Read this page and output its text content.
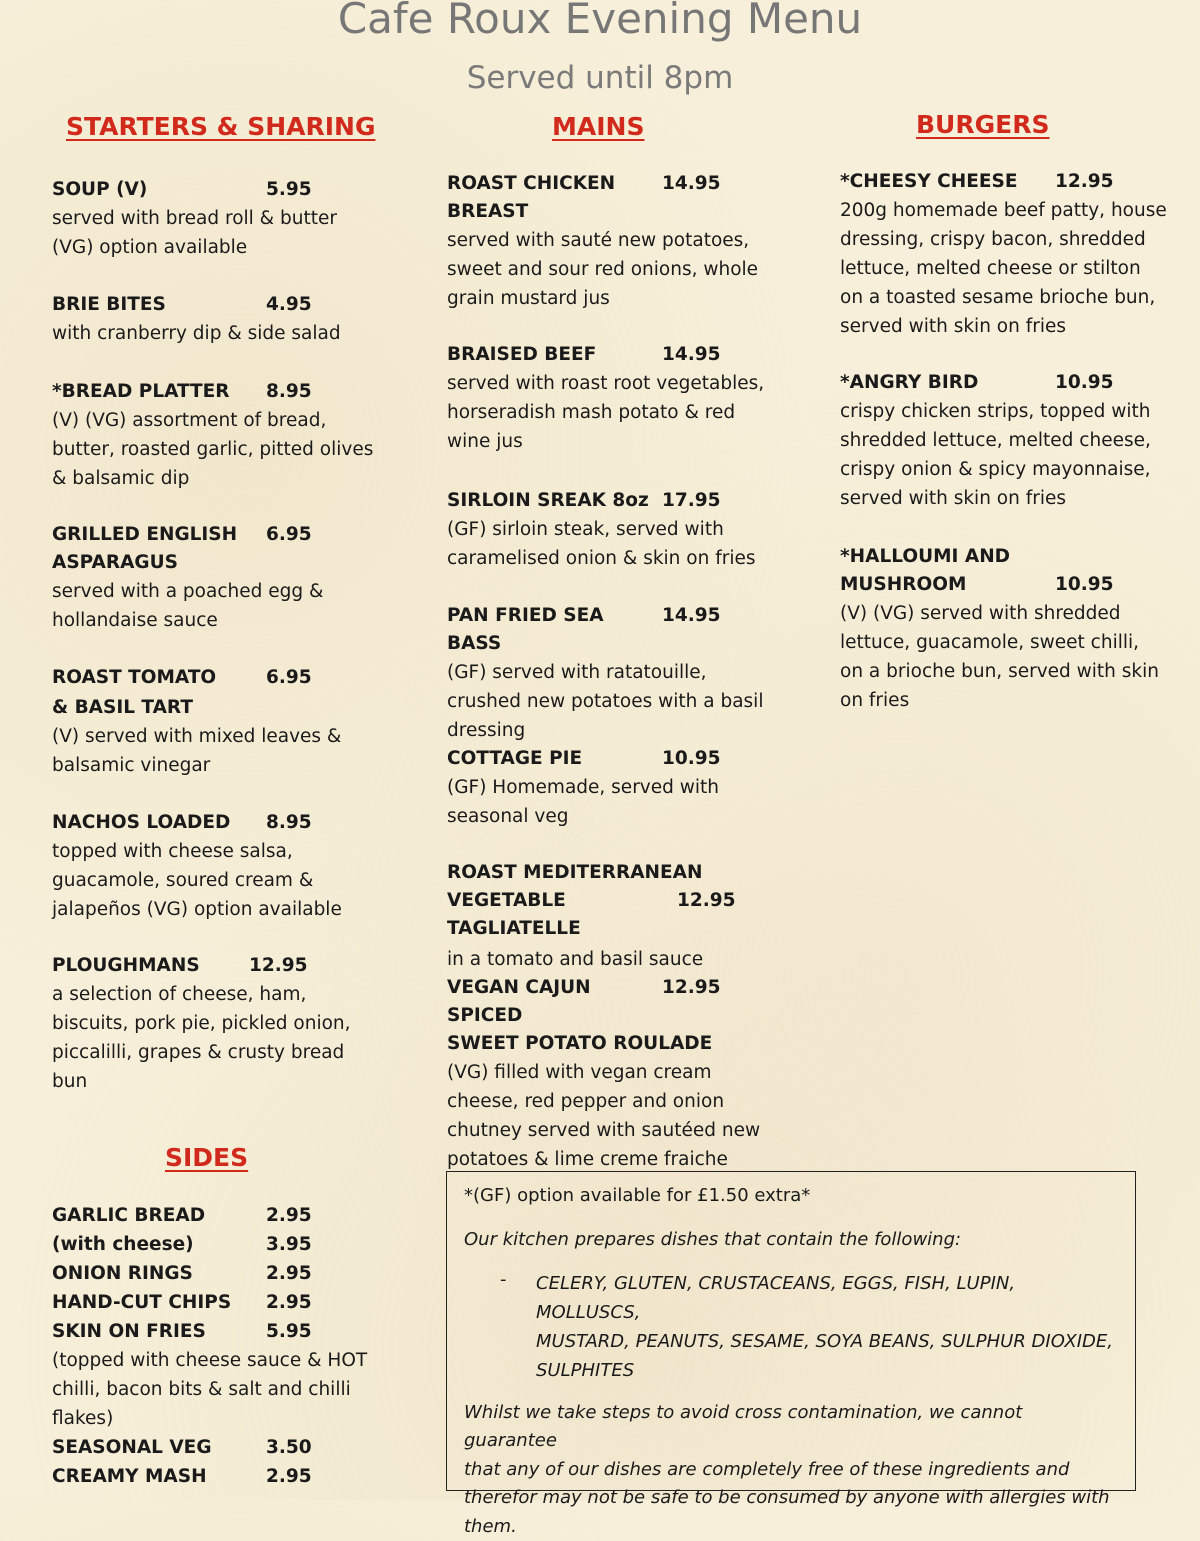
Cafe Roux Evening Menu
Served until 8pm
STARTERS & SHARING	MAINS	BURGERS
SIDES
SOUP (V)	5.95

served with bread roll & butter

(VG) option available

BRIE BITES	4.95

with cranberry dip & side salad

*BREAD PLATTER	8.95

(V) (VG) assortment of bread,

butter, roasted garlic, pitted olives

& balsamic dip

GRILLED ENGLISH	6.95
ASPARAGUS

served with a poached egg &

hollandaise sauce

ROAST TOMATO	6.95
& BASIL TART

(V) served with mixed leaves &

balsamic vinegar

NACHOS LOADED	8.95

topped with cheese salsa,

guacamole, soured cream &

jalapeños (VG) option available

PLOUGHMANS	12.95

a selection of cheese, ham,

biscuits, pork pie, pickled onion,

piccalilli, grapes & crusty bread

bun

GARLIC BREAD	2.95
(with cheese)	3.95
ONION RINGS	2.95
HAND-CUT CHIPS	2.95
SKIN ON FRIES	5.95
(topped with cheese sauce & HOT
chilli, bacon bits & salt and chilli
flakes)
SEASONAL VEG	3.50
CREAMY MASH	2.95
ROAST CHICKEN	14.95
BREAST

served with sauté new potatoes,

sweet and sour red onions, whole

grain mustard jus

BRAISED BEEF	14.95

served with roast root vegetables,

horseradish mash potato & red

wine jus

SIRLOIN SREAK 8oz 17.95

(GF) sirloin steak, served with

caramelised onion & skin on fries

PAN FRIED SEA BASS
14.95

(GF) served with ratatouille,

crushed new potatoes with a basil

dressing

COTTAGE PIE	10.95

(GF) Homemade, served with

seasonal veg

ROAST MEDITERRANEAN
VEGETABLE TAGLIATELLE
12.95

in a tomato and basil sauce

VEGAN CAJUN SPICED
12.95
SWEET POTATO ROULADE

(VG) filled with vegan cream

cheese, red pepper and onion

chutney served with sautéed new

potatoes & lime creme fraiche

*CHEESY CHEESE	12.95

200g homemade beef patty, house

dressing, crispy bacon, shredded

lettuce, melted cheese or stilton

on a toasted sesame brioche bun,

served with skin on fries

*ANGRY BIRD	10.95

crispy chicken strips, topped with

shredded lettuce, melted cheese,

crispy onion & spicy mayonnaise,

served with skin on fries

*HALLOUMI AND
MUSHROOM	10.95

(V) (VG) served with shredded

lettuce, guacamole, sweet chilli,

on a brioche bun, served with skin

on fries

*(GF) option available for £1.50 extra*

Our kitchen prepares dishes that contain the following:

-	CELERY, GLUTEN, CRUSTACEANS, EGGS, FISH, LUPIN, MOLLUSCS,
MUSTARD, PEANUTS, SESAME, SOYA BEANS, SULPHUR DIOXIDE,
SULPHITES
Whilst we take steps to avoid cross contamination, we cannot guarantee
that any of our dishes are completely free of these ingredients and
therefor may not be safe to be consumed by anyone with allergies with
them.
